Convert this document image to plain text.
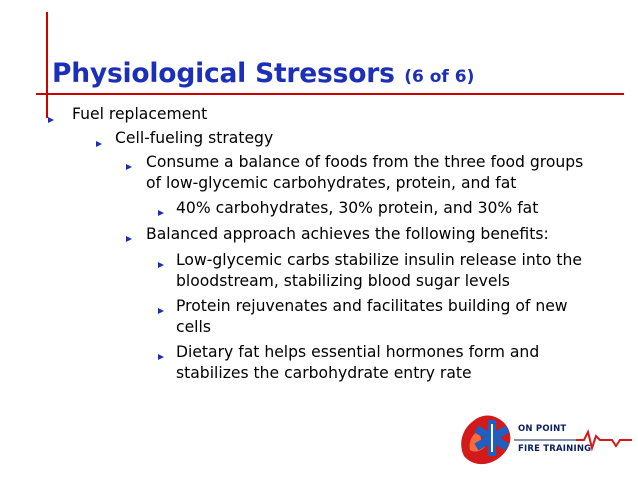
Physiological Stressors (6 of 6)
Fuel replacement
Cell-fueling strategy
Consume a balance of foods from the three food groups
of low-glycemic carbohydrates, protein, and fat
40% carbohydrates, 30% protein, and 30% fat
Balanced approach achieves the following benefits:
Low-glycemic carbs stabilize insulin release into the
bloodstream, stabilizing blood sugar levels
Protein rejuvenates and facilitates building of new
cells
Dietary fat helps essential hormones form and
stabilizes the carbohydrate entry rate
ON POINT
FIRE TRAINING
